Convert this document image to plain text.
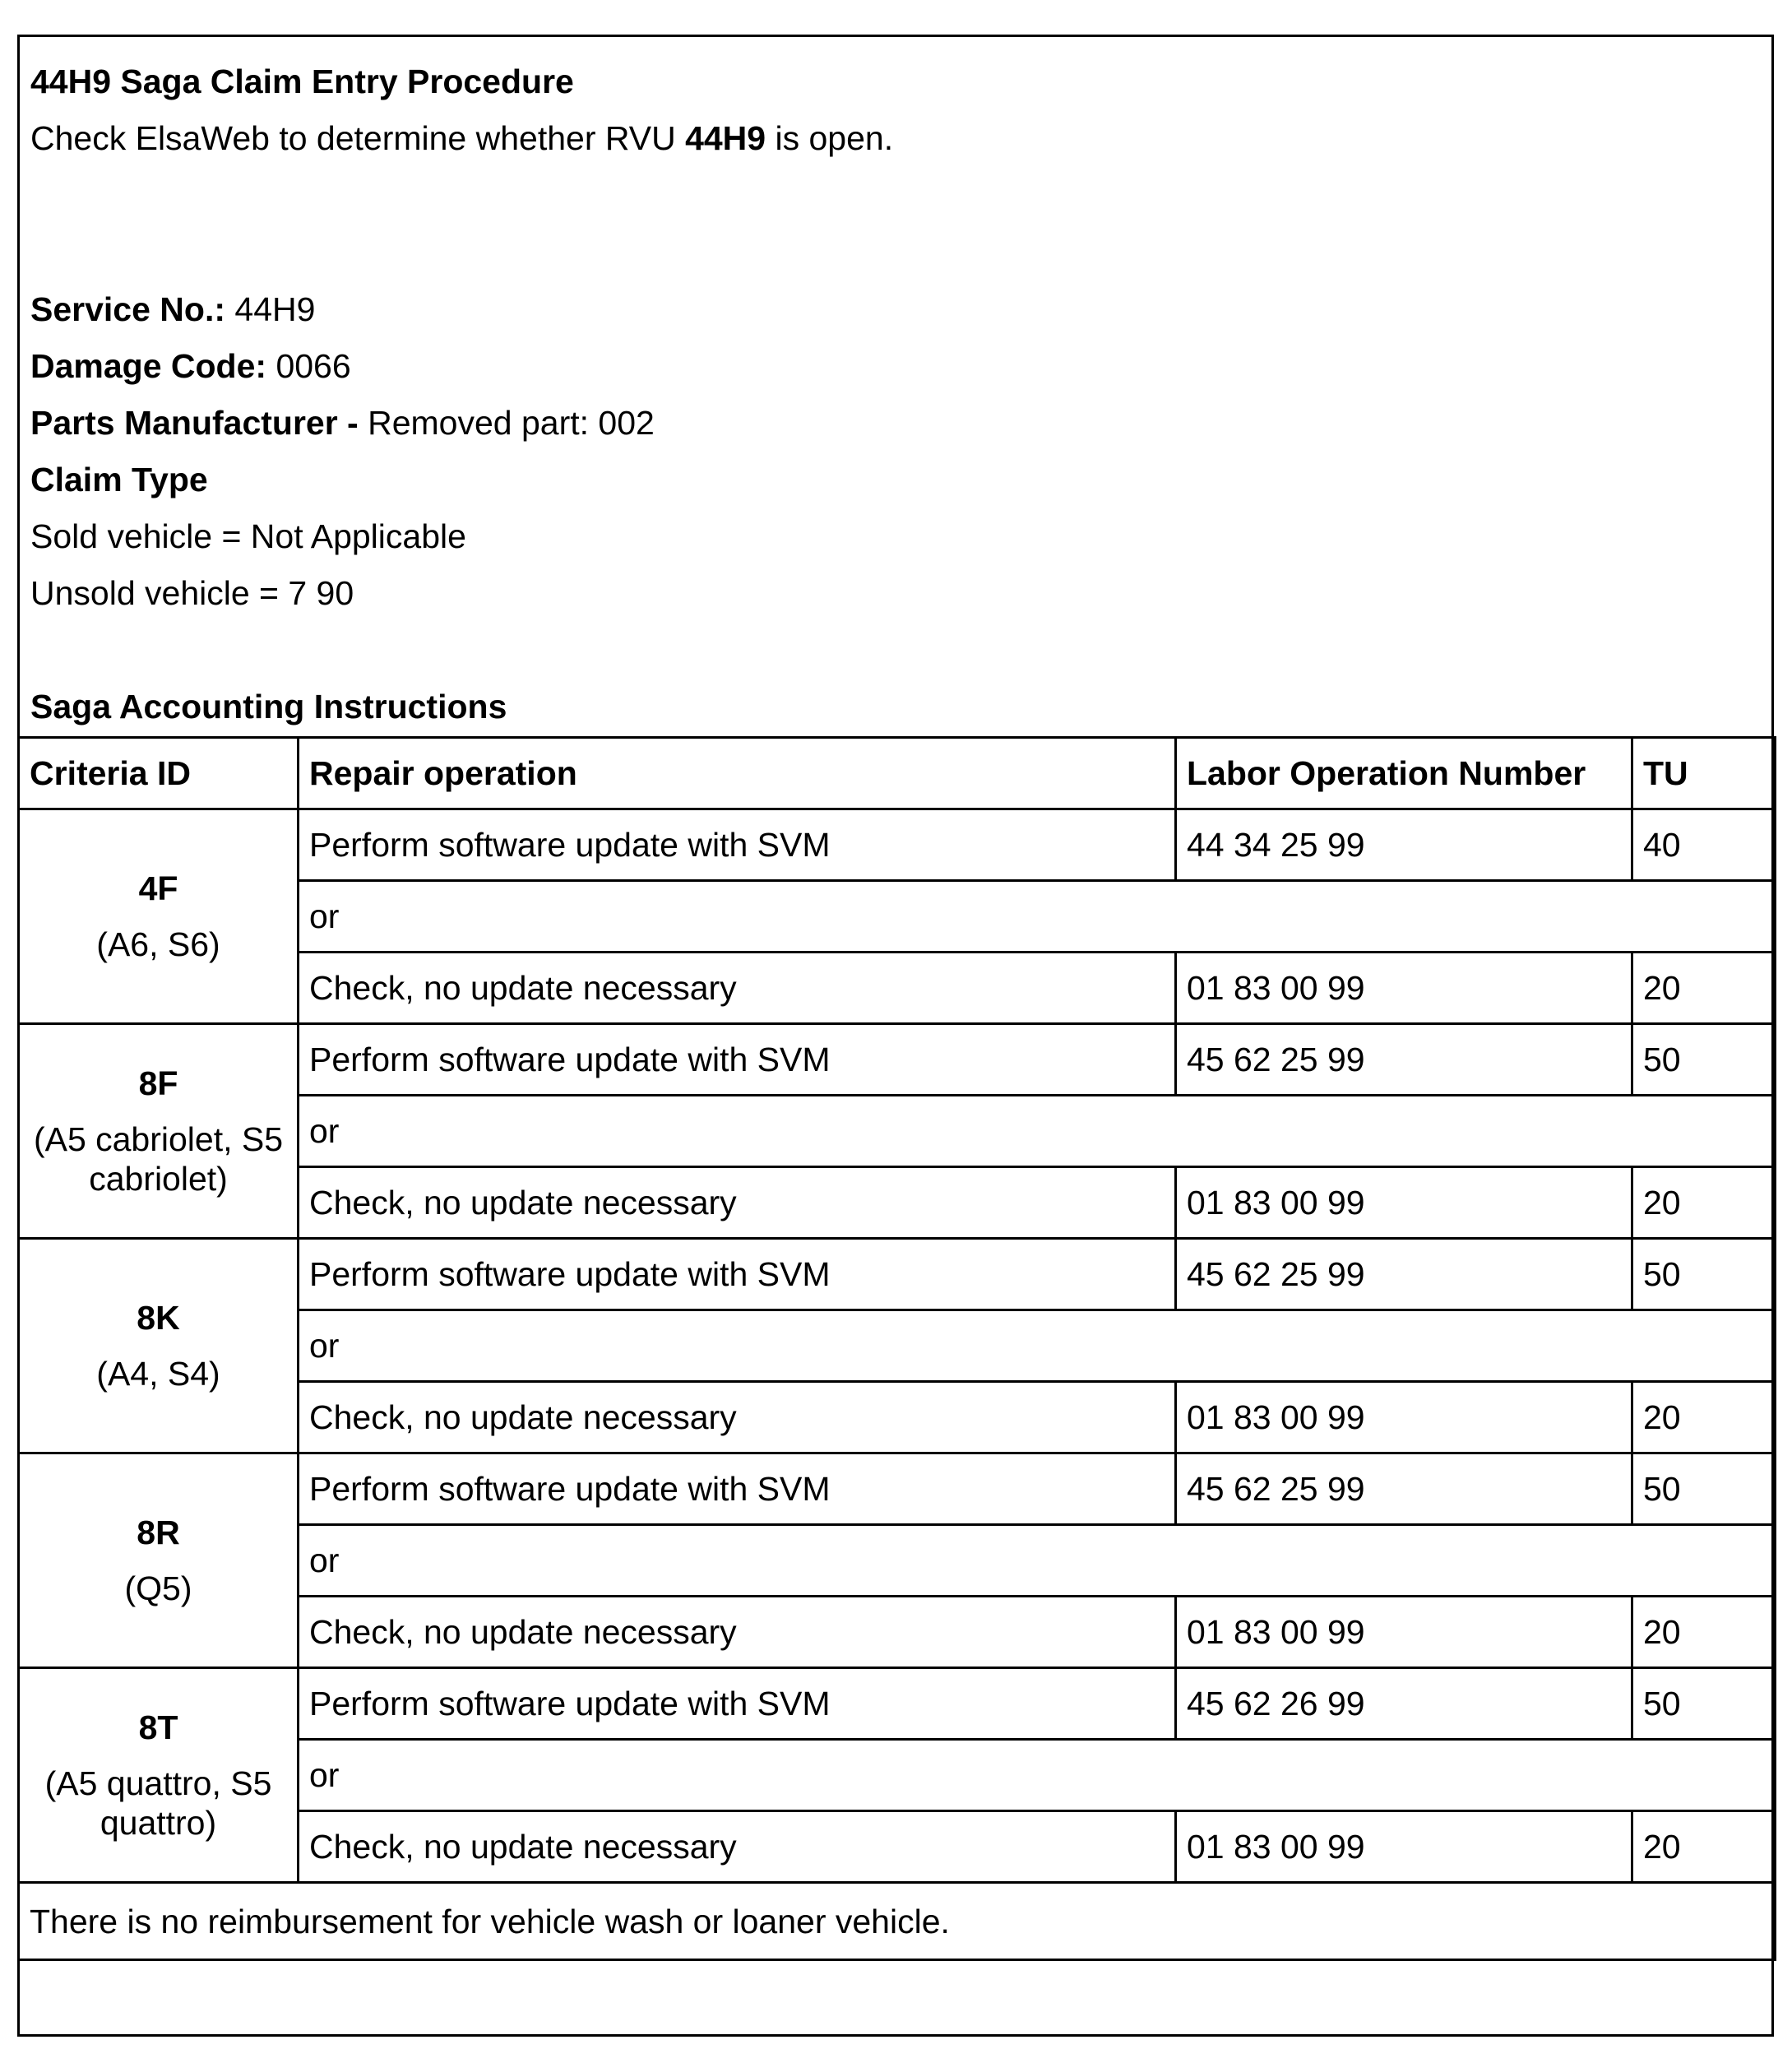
44H9 Saga Claim Entry Procedure
Check ElsaWeb to determine whether RVU 44H9 is open.
Service No.: 44H9
Damage Code: 0066
Parts Manufacturer - Removed part: 002
Claim Type
Sold vehicle = Not Applicable
Unsold vehicle = 7 90
Saga Accounting Instructions
Criteria ID	Repair operation	Labor Operation Number	TU

4F
(A6, S6)	Perform software update with SVM	44 34 25 99	40
	or		
	Check, no update necessary	01 83 00 99	20

8F
(A5 cabriolet, S5 cabriolet)	Perform software update with SVM	45 62 25 99	50
	or		
	Check, no update necessary	01 83 00 99	20

8K
(A4, S4)	Perform software update with SVM	45 62 25 99	50
	or		
	Check, no update necessary	01 83 00 99	20

8R
(Q5)	Perform software update with SVM	45 62 25 99	50
	or		
	Check, no update necessary	01 83 00 99	20

8T
(A5 quattro, S5 quattro)	Perform software update with SVM	45 62 26 99	50
	or		
	Check, no update necessary	01 83 00 99	20
There is no reimbursement for vehicle wash or loaner vehicle.			
